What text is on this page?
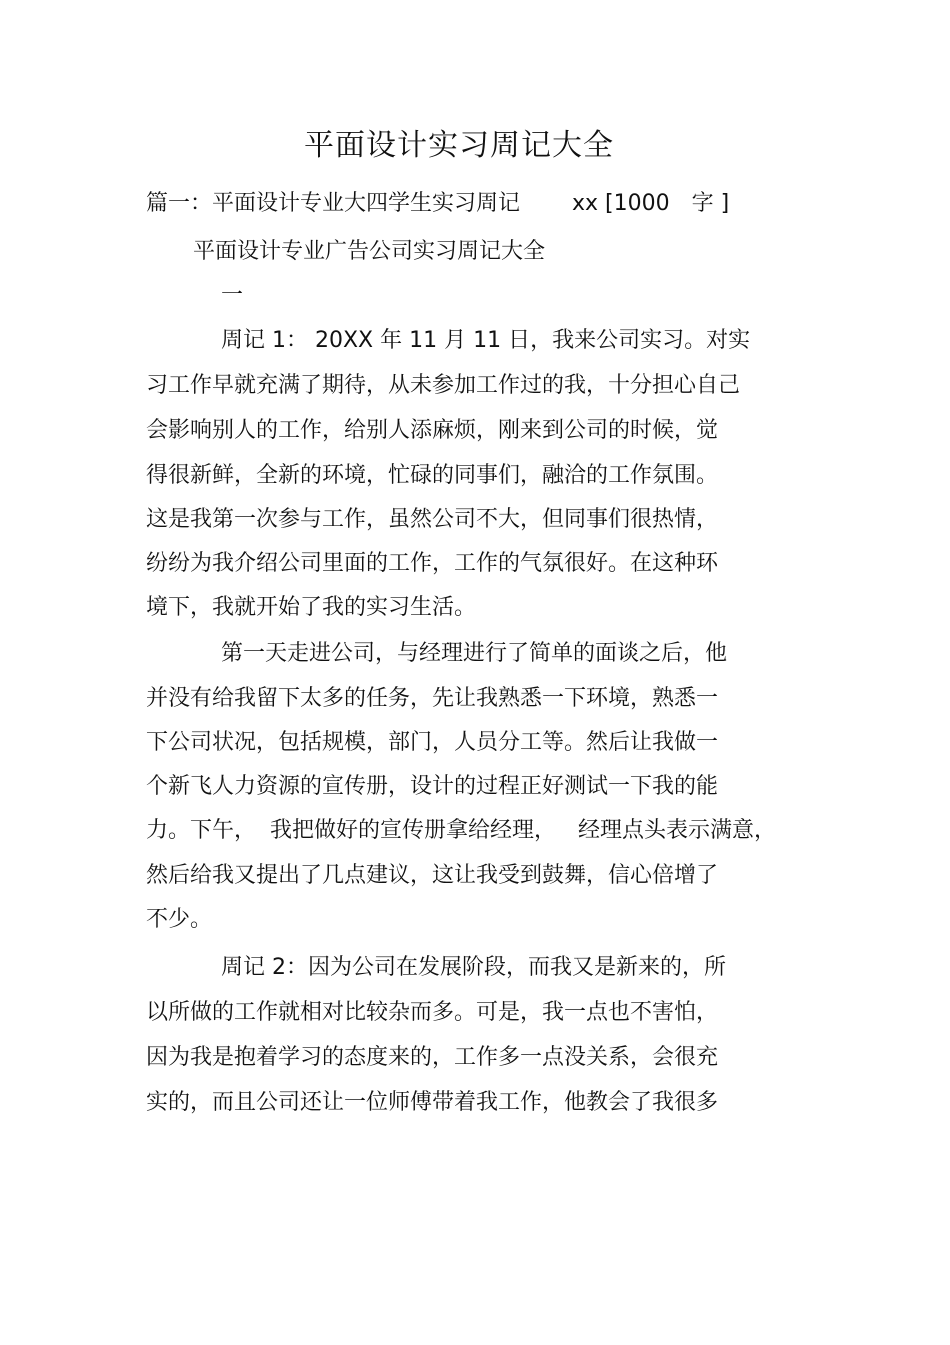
平面设计实习周记大全
篇一：平面设计专业大四学生实习周记 xx [1000 字 ]
平面设计专业广告公司实习周记大全
一
周记 1： 20XX 年 11 月 11 日，我来公司实习。对实
习工作早就充满了期待，从未参加工作过的我，十分担心自己
会影响别人的工作，给别人添麻烦，刚来到公司的时候，觉
得很新鲜，全新的环境，忙碌的同事们，融洽的工作氛围。
这是我第一次参与工作，虽然公司不大，但同事们很热情，
纷纷为我介绍公司里面的工作，工作的气氛很好。在这种环
境下，我就开始了我的实习生活。
第一天走进公司，与经理进行了简单的面谈之后，他
并没有给我留下太多的任务，先让我熟悉一下环境，熟悉一
下公司状况，包括规模，部门，人员分工等。然后让我做一
个新飞人力资源的宣传册，设计的过程正好测试一下我的能
力。下午， 我把做好的宣传册拿给经理， 经理点头表示满意，
然后给我又提出了几点建议，这让我受到鼓舞，信心倍增了
不少。
周记 2：因为公司在发展阶段，而我又是新来的，所
以所做的工作就相对比较杂而多。可是，我一点也不害怕，
因为我是抱着学习的态度来的，工作多一点没关系，会很充
实的，而且公司还让一位师傅带着我工作，他教会了我很多
